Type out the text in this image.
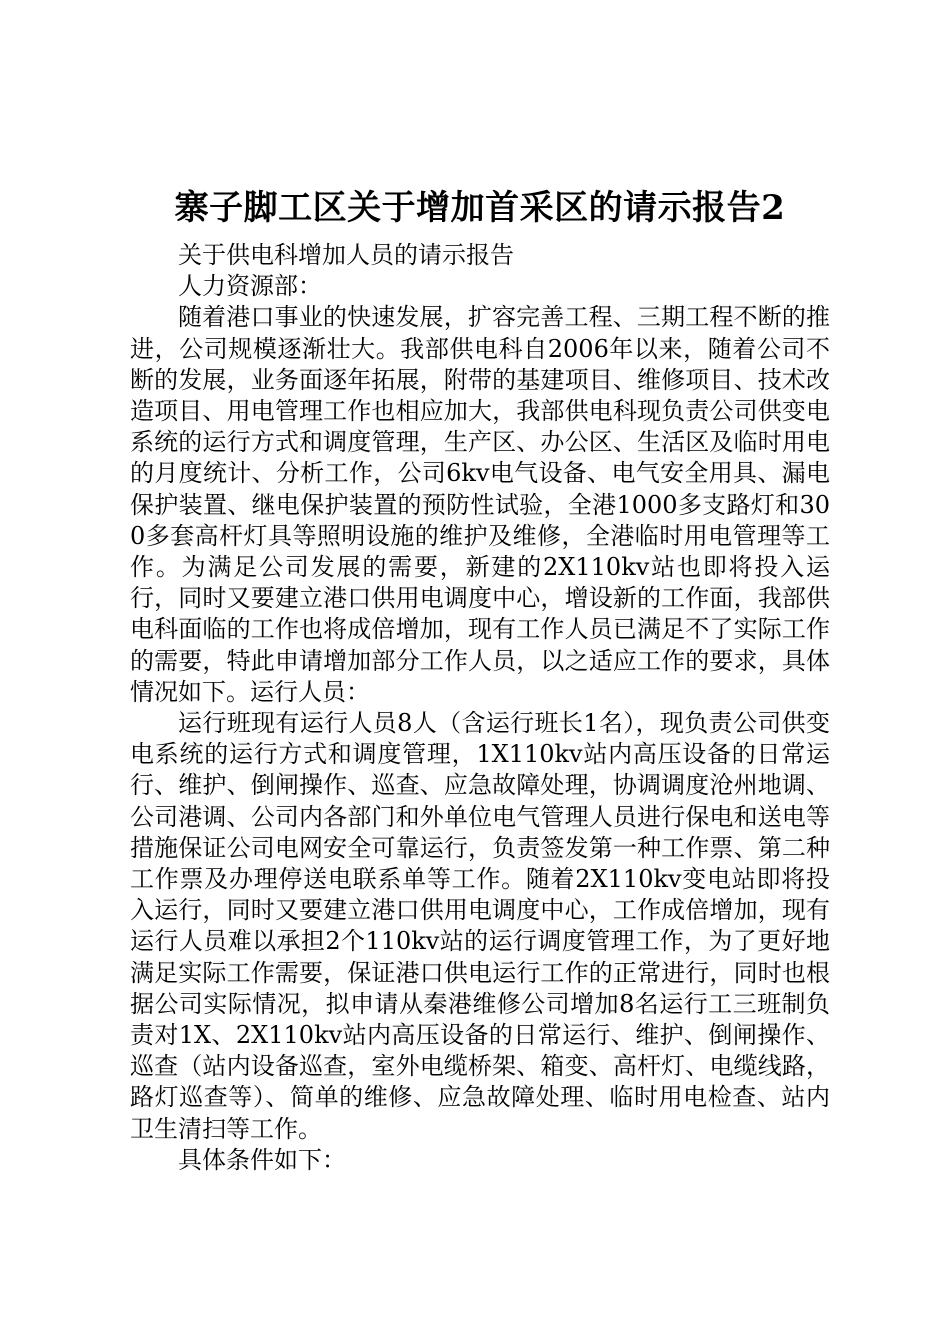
寨子脚工区关于增加首采区的请示报告2

关于供电科增加人员的请示报告

人力资源部：

随着港口事业的快速发展，扩容完善工程、三期工程不断的推进，公司规模逐渐壮大。我部供电科自2006年以来，随着公司不断的发展，业务面逐年拓展，附带的基建项目、维修项目、技术改造项目、用电管理工作也相应加大，我部供电科现负责公司供变电系统的运行方式和调度管理，生产区、办公区、生活区及临时用电的月度统计、分析工作，公司6kv电气设备、电气安全用具、漏电保护装置、继电保护装置的预防性试验，全港1000多支路灯和300多套高杆灯具等照明设施的维护及维修，全港临时用电管理等工作。为满足公司发展的需要，新建的2X110kv站也即将投入运行，同时又要建立港口供用电调度中心，增设新的工作面，我部供电科面临的工作也将成倍增加，现有工作人员已满足不了实际工作的需要，特此申请增加部分工作人员，以之适应工作的要求，具体情况如下。运行人员：

运行班现有运行人员8人（含运行班长1名），现负责公司供变电系统的运行方式和调度管理，1X110kv站内高压设备的日常运行、维护、倒闸操作、巡查、应急故障处理，协调调度沧州地调、公司港调、公司内各部门和外单位电气管理人员进行保电和送电等措施保证公司电网安全可靠运行，负责签发第一种工作票、第二种工作票及办理停送电联系单等工作。随着2X110kv变电站即将投入运行，同时又要建立港口供用电调度中心，工作成倍增加，现有运行人员难以承担2个110kv站的运行调度管理工作，为了更好地满足实际工作需要，保证港口供电运行工作的正常进行，同时也根据公司实际情况，拟申请从秦港维修公司增加8名运行工三班制负责对1X、2X110kv站内高压设备的日常运行、维护、倒闸操作、巡查（站内设备巡查，室外电缆桥架、箱变、高杆灯、电缆线路，路灯巡查等）、简单的维修、应急故障处理、临时用电检查、站内卫生清扫等工作。

具体条件如下：
